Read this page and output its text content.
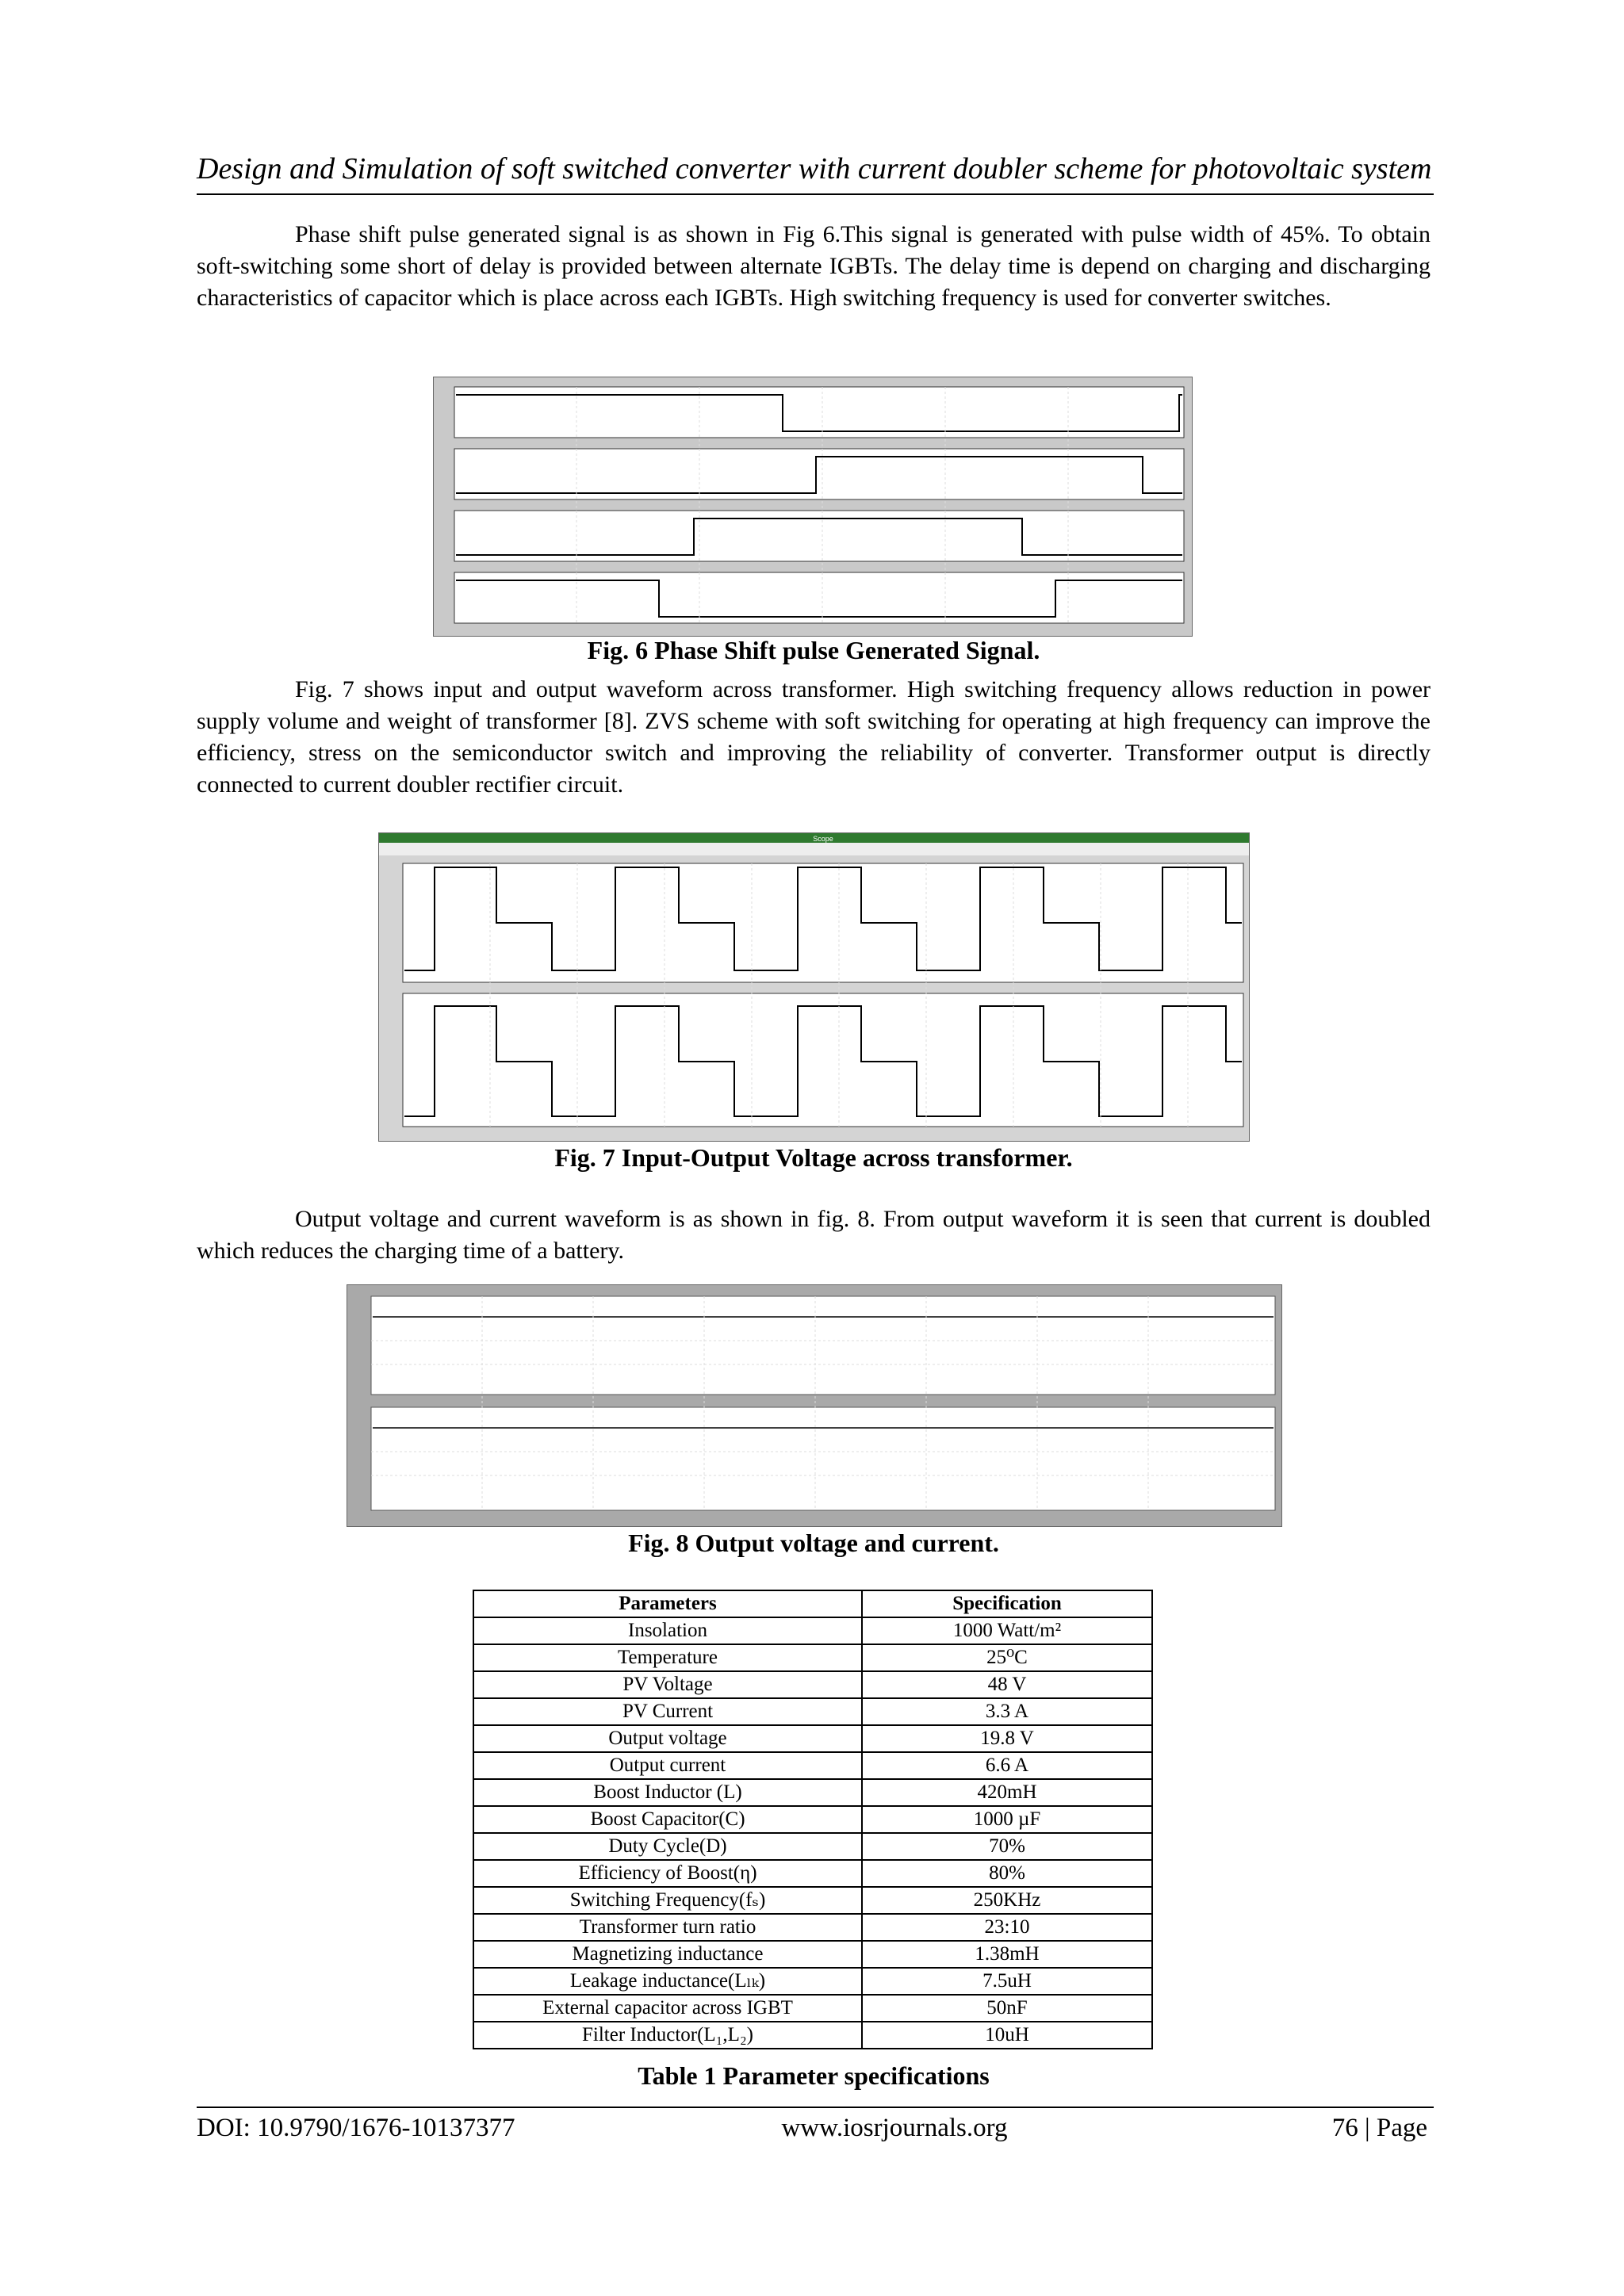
Design and Simulation of soft switched converter with current doubler scheme for photovoltaic system
Phase shift pulse generated signal is as shown in Fig 6.This signal is generated with pulse width of 45%. To obtain soft-switching some short of delay is provided between alternate IGBTs. The delay time is depend on charging and discharging characteristics of capacitor which is place across each IGBTs. High switching frequency is used for converter switches.
Fig. 6 Phase Shift pulse Generated Signal.
Fig. 7 shows input and output waveform across transformer. High switching frequency allows reduction in power supply volume and weight of transformer [8]. ZVS scheme with soft switching for operating at high frequency can improve the efficiency, stress on the semiconductor switch and improving the reliability of converter. Transformer output is directly connected to current doubler rectifier circuit.
Scope
Fig. 7 Input-Output Voltage across transformer.
Output voltage and current waveform is as shown in fig. 8. From output waveform it is seen that current is doubled which reduces the charging time of a battery.
Fig. 8 Output voltage and current.
Parameters	Specification
Insolation	1000 Watt/m²
Temperature	25⁰C
PV Voltage	48 V
PV Current	3.3 A
Output voltage	19.8 V
Output current	6.6 A
Boost Inductor (L)	420mH
Boost Capacitor(C)	1000 µF
Duty Cycle(D)	70%
Efficiency of Boost(η)	80%
Switching Frequency(fₛ)	250KHz
Transformer turn ratio	23:10
Magnetizing inductance	1.38mH
Leakage inductance(Lₗₖ)	7.5uH
External capacitor across IGBT	50nF
Filter Inductor(L₁,L₂)	10uH
Table 1 Parameter specifications
DOI: 10.9790/1676-10137377	www.iosrjournals.org	76 | Page
